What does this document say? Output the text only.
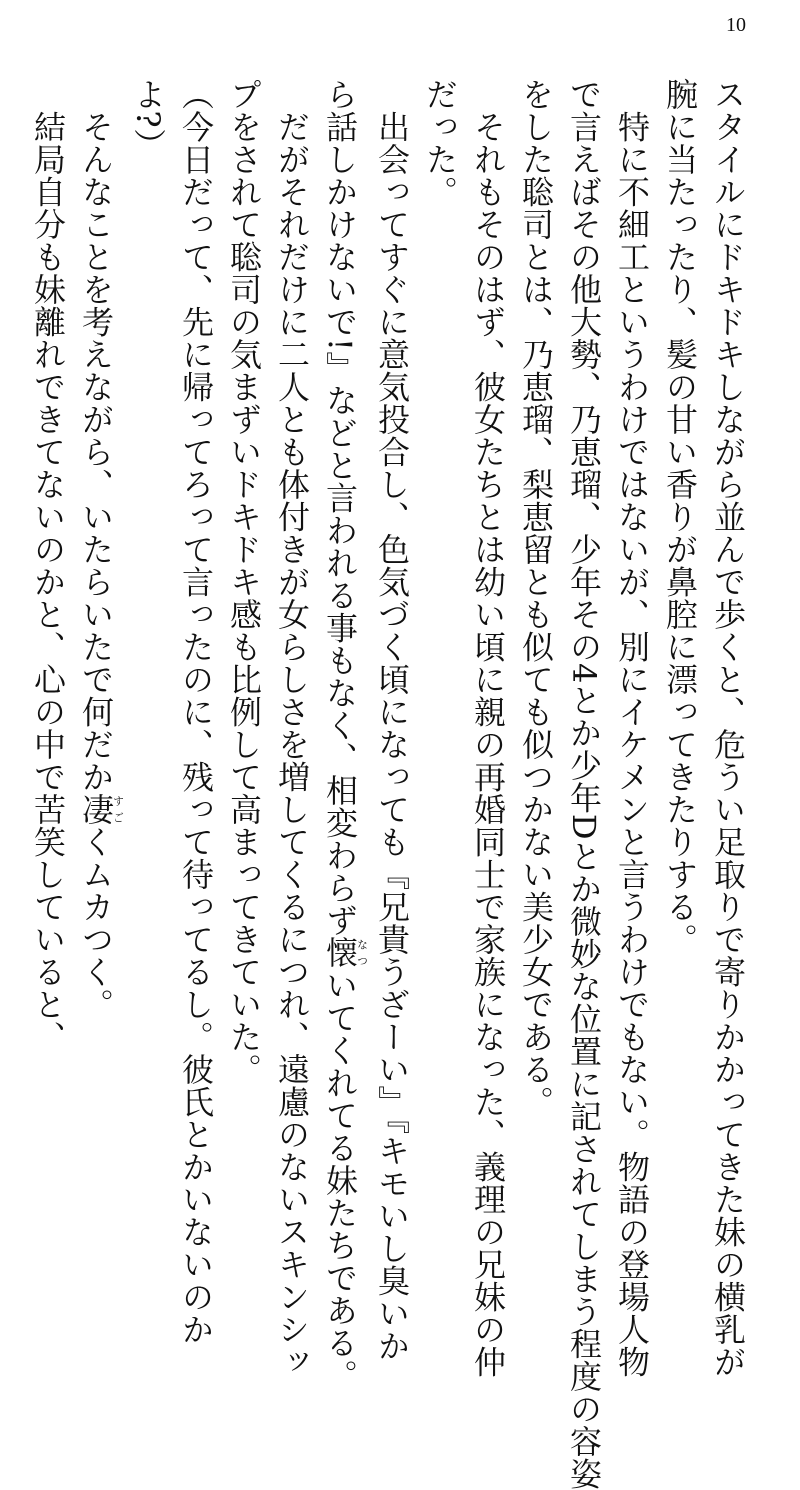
10
スタイルにドキドキしながら並んで歩くと、危うい足取りで寄りかかってきた妹の横乳が
腕に当たったり、髪の甘い香りが鼻腔に漂ってきたりする。
　特に不細工というわけではないが、別にイケメンと言うわけでもない。物語の登場人物
で言えばその他大勢、乃恵瑠、少年その4とか少年Dとか微妙な位置に記されてしまう程度の容姿
をした聡司とは、乃恵瑠、梨恵留とも似ても似つかない美少女である。
　それもそのはず、彼女たちとは幼い頃に親の再婚同士で家族になった、義理の兄妹の仲
だった。
　出会ってすぐに意気投合し、色気づく頃になっても『兄貴うざーい』『キモいし臭いか
ら話しかけないで!』などと言われる事もなく、相変わらず懐なついてくれてる妹たちである。
　だがそれだけに二人とも体付きが女らしさを増してくるにつれ、遠慮のないスキンシッ
プをされて聡司の気まずいドキドキ感も比例して高まってきていた。
（今日だって、先に帰ってろって言ったのに、残って待ってるし。彼氏とかいないのか
よ?）
　そんなことを考えながら、いたらいたで何だか凄すごくムカつく。
　結局自分も妹離れできてないのかと、心の中で苦笑していると、
